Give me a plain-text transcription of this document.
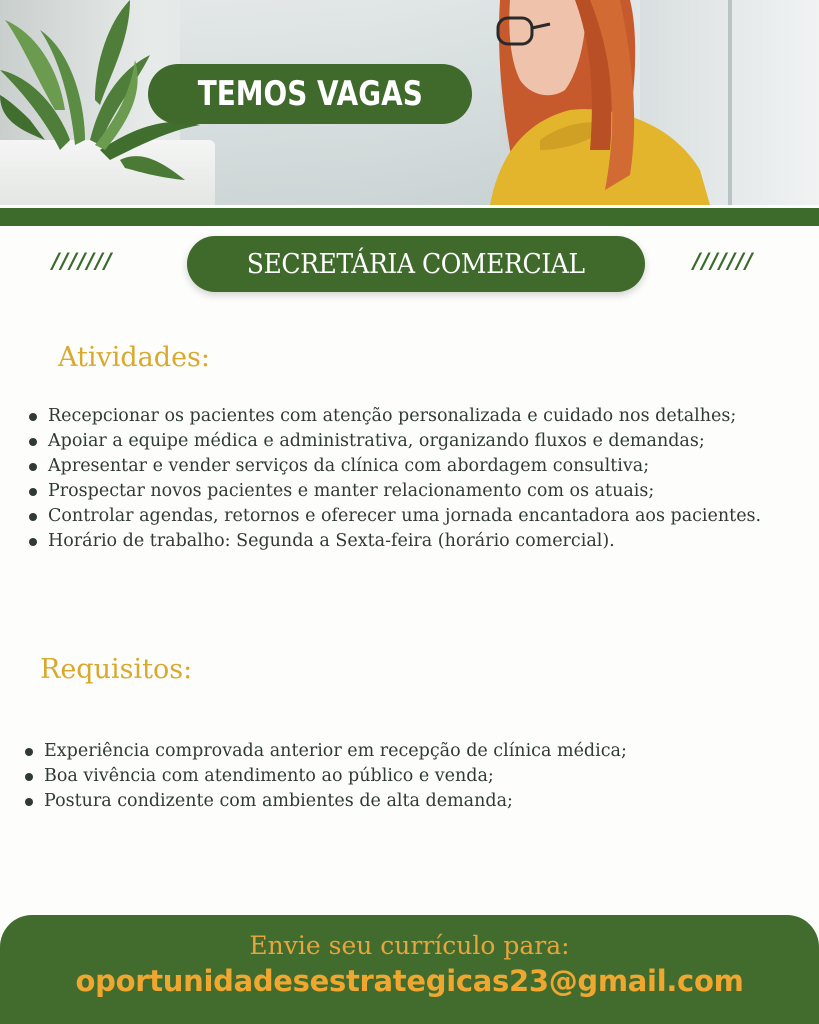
TEMOS VAGAS
///////	SECRETÁRIA COMERCIAL	///////
Atividades:
Recepcionar os pacientes com atenção personalizada e cuidado nos detalhes;
Apoiar a equipe médica e administrativa, organizando fluxos e demandas;
Apresentar e vender serviços da clínica com abordagem consultiva;
Prospectar novos pacientes e manter relacionamento com os atuais;
Controlar agendas, retornos e oferecer uma jornada encantadora aos pacientes.
Horário de trabalho: Segunda a Sexta-feira (horário comercial).
Requisitos:
Experiência comprovada anterior em recepção de clínica médica;
Boa vivência com atendimento ao público e venda;
Postura condizente com ambientes de alta demanda;
Envie seu currículo para:
oportunidadesestrategicas23@gmail.com
